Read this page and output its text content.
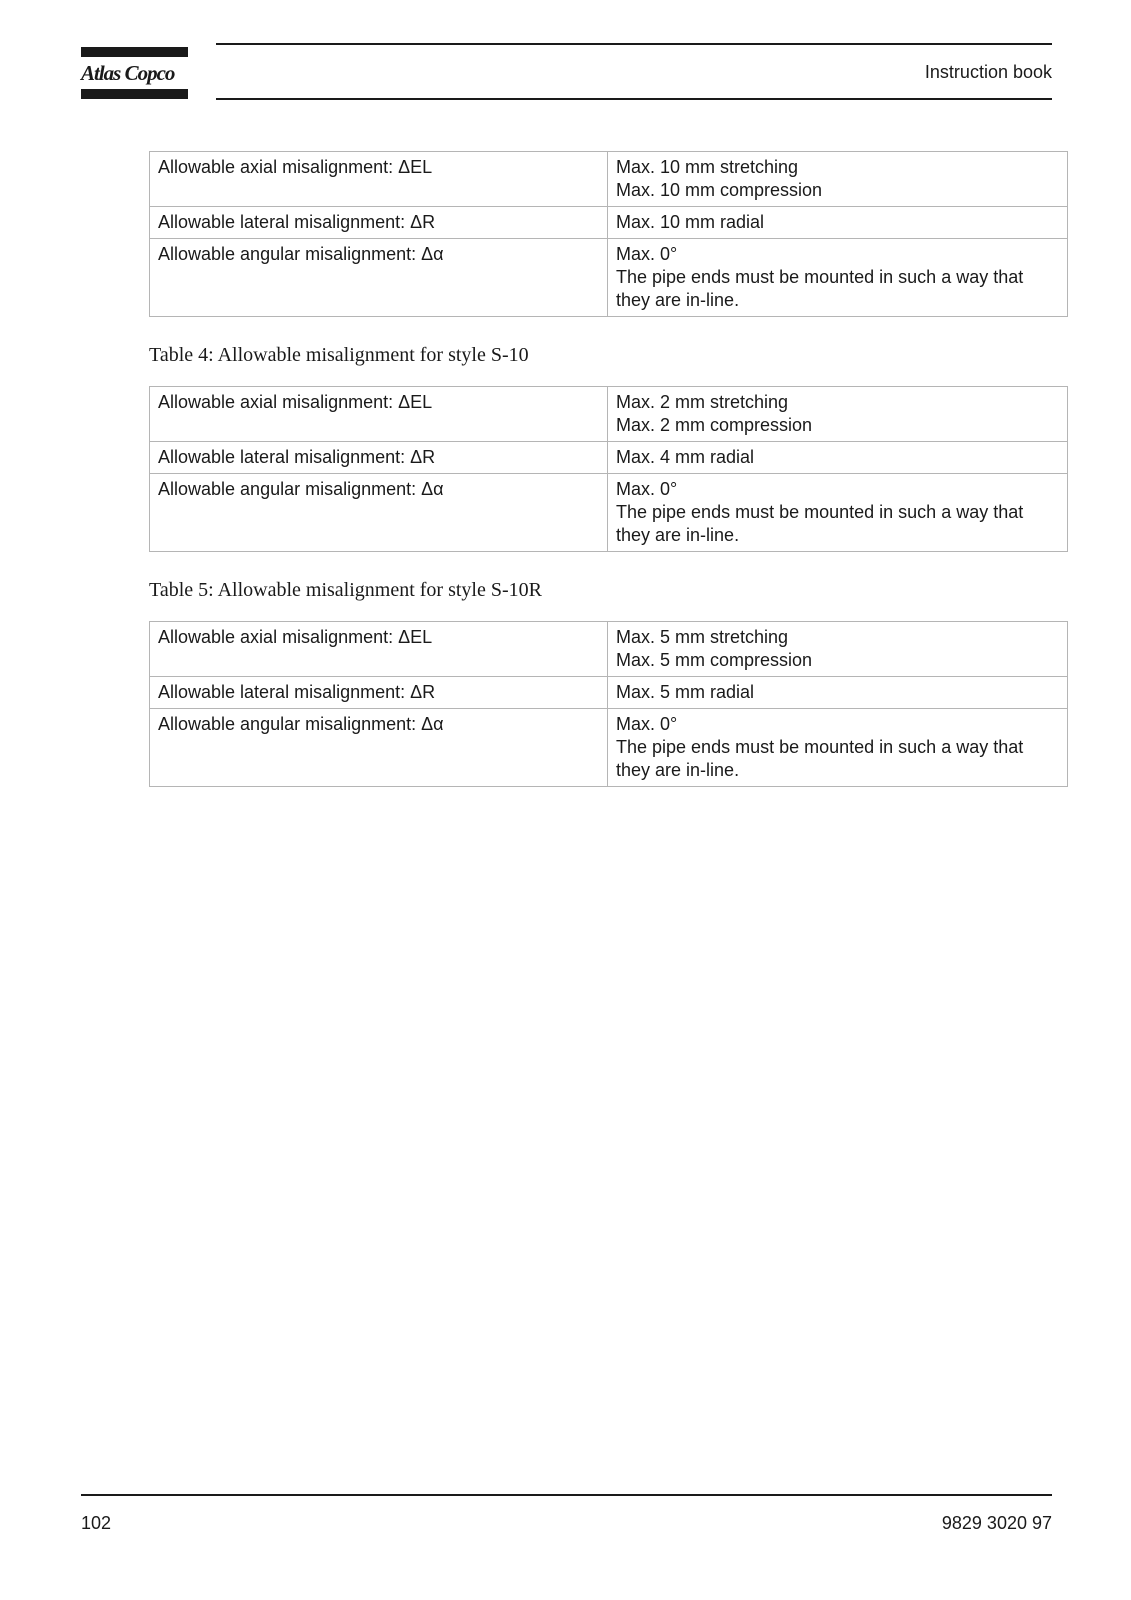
Atlas Copco	Instruction book
Allowable axial misalignment: ΔEL	Max. 10 mm stretching
Max. 10 mm compression

Allowable lateral misalignment: ΔR	Max. 10 mm radial

Allowable angular misalignment: Δα	Max. 0°
The pipe ends must be mounted in such a way that
they are in-line.
Table 4: Allowable misalignment for style S-10
Allowable axial misalignment: ΔEL	Max. 2 mm stretching
Max. 2 mm compression

Allowable lateral misalignment: ΔR	Max. 4 mm radial

Allowable angular misalignment: Δα	Max. 0°
The pipe ends must be mounted in such a way that
they are in-line.
Table 5: Allowable misalignment for style S-10R
Allowable axial misalignment: ΔEL	Max. 5 mm stretching
Max. 5 mm compression

Allowable lateral misalignment: ΔR	Max. 5 mm radial

Allowable angular misalignment: Δα	Max. 0°
The pipe ends must be mounted in such a way that
they are in-line.
102	9829 3020 97
